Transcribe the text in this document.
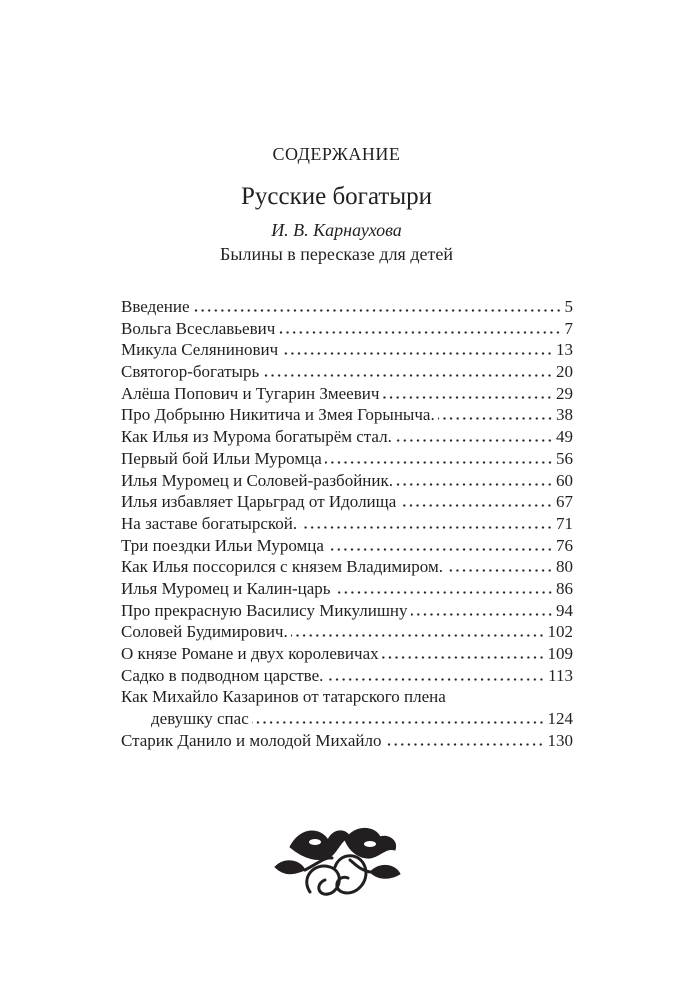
СОДЕРЖАНИЕ
Русские богатыри
И. В. Карнаухова
Былины в пересказе для детей
Введение	5
Вольга Всеславьевич	7
Микула Селянинович	13
Святогор-богатырь	20
Алёша Попович и Тугарин Змеевич	29
Про Добрыню Никитича и Змея Горыныча.	38
Как Илья из Мурома богатырём стал.	49
Первый бой Ильи Муромца	56
Илья Муромец и Соловей-разбойник.	60
Илья избавляет Царьград от Идолища	67
На заставе богатырской.	71
Три поездки Ильи Муромца	76
Как Илья поссорился с князем Владимиром.	80
Илья Муромец и Калин-царь	86
Про прекрасную Василису Микулишну	94
Соловей Будимирович.	102
О князе Романе и двух королевичах	109
Садко в подводном царстве.	113
Как Михайло Казаринов от татарского плена
девушку спас	124
Старик Данило и молодой Михайло	130
